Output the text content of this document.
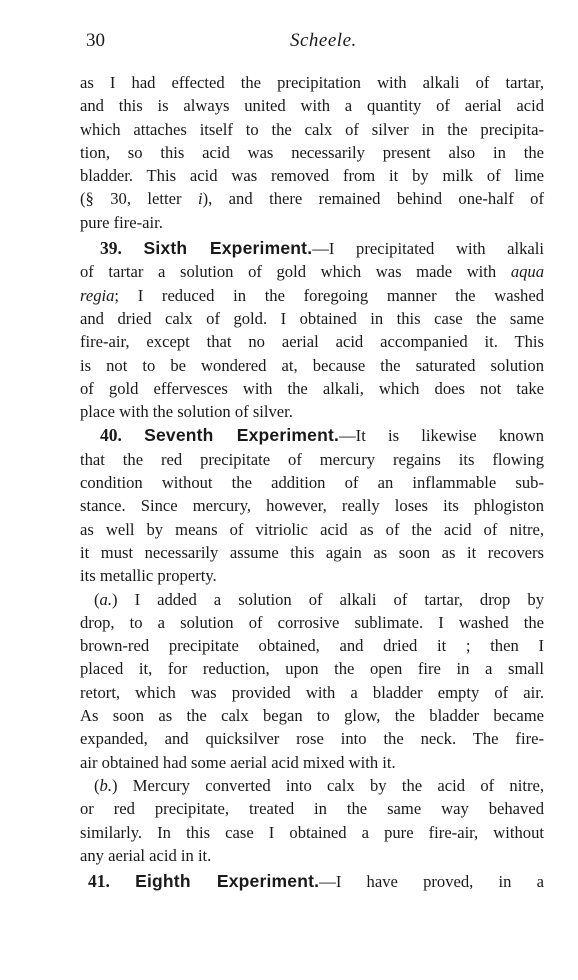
30	Scheele.

as I had effected the precipitation with alkali of tartar,
and this is always united with a quantity of aerial acid
which attaches itself to the calx of silver in the precipita-
tion, so this acid was necessarily present also in the
bladder. This acid was removed from it by milk of lime
(§ 30, letter i), and there remained behind one-half of
pure fire-air.

39. Sixth Experiment.—I precipitated with alkali
of tartar a solution of gold which was made with aqua
regia; I reduced in the foregoing manner the washed
and dried calx of gold. I obtained in this case the same
fire-air, except that no aerial acid accompanied it. This
is not to be wondered at, because the saturated solution
of gold effervesces with the alkali, which does not take
place with the solution of silver.

40. Seventh Experiment.—It is likewise known
that the red precipitate of mercury regains its flowing
condition without the addition of an inflammable sub-
stance. Since mercury, however, really loses its phlogiston
as well by means of vitriolic acid as of the acid of nitre,
it must necessarily assume this again as soon as it recovers
its metallic property.

(a.) I added a solution of alkali of tartar, drop by
drop, to a solution of corrosive sublimate. I washed the
brown-red precipitate obtained, and dried it ; then I
placed it, for reduction, upon the open fire in a small
retort, which was provided with a bladder empty of air.
As soon as the calx began to glow, the bladder became
expanded, and quicksilver rose into the neck. The fire-
air obtained had some aerial acid mixed with it.

(b.) Mercury converted into calx by the acid of nitre,
or red precipitate, treated in the same way behaved
similarly. In this case I obtained a pure fire-air, without
any aerial acid in it.

41. Eighth Experiment.—I have proved, in a
